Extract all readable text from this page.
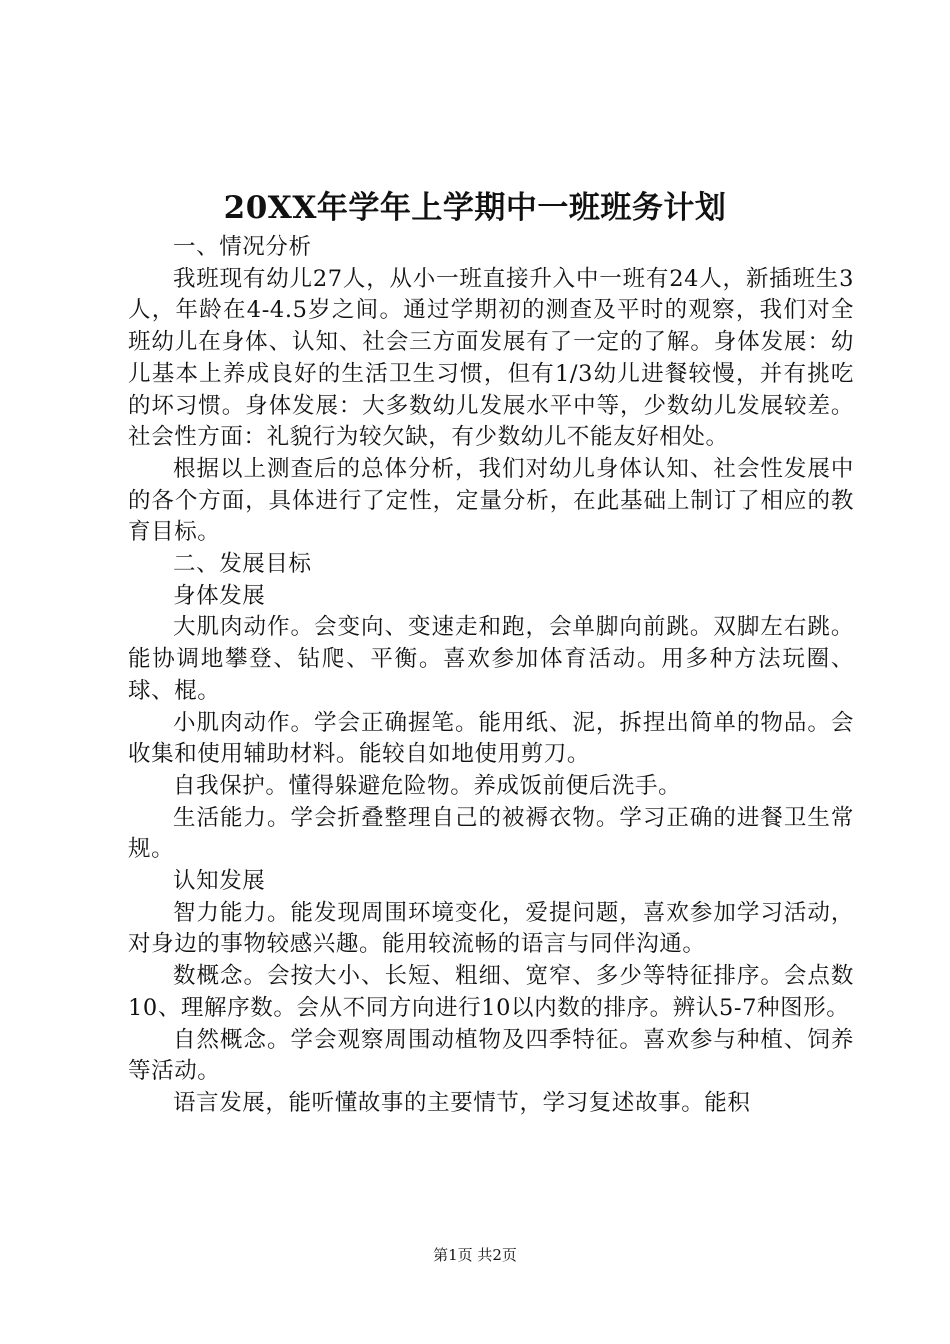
20XX年学年上学期中一班班务计划

一、情况分析

我班现有幼儿27人，从小一班直接升入中一班有24人，新插班生3人，年龄在4-4.5岁之间。通过学期初的测查及平时的观察，我们对全班幼儿在身体、认知、社会三方面发展有了一定的了解。身体发展：幼儿基本上养成良好的生活卫生习惯，但有1/3幼儿进餐较慢，并有挑吃的坏习惯。身体发展：大多数幼儿发展水平中等，少数幼儿发展较差。社会性方面：礼貌行为较欠缺，有少数幼儿不能友好相处。

根据以上测查后的总体分析，我们对幼儿身体认知、社会性发展中的各个方面，具体进行了定性，定量分析，在此基础上制订了相应的教育目标。

二、发展目标

身体发展

大肌肉动作。会变向、变速走和跑，会单脚向前跳。双脚左右跳。能协调地攀登、钻爬、平衡。喜欢参加体育活动。用多种方法玩圈、球、棍。

小肌肉动作。学会正确握笔。能用纸、泥，拆捏出简单的物品。会收集和使用辅助材料。能较自如地使用剪刀。

自我保护。懂得躲避危险物。养成饭前便后洗手。

生活能力。学会折叠整理自己的被褥衣物。学习正确的进餐卫生常规。

认知发展

智力能力。能发现周围环境变化，爱提问题，喜欢参加学习活动，对身边的事物较感兴趣。能用较流畅的语言与同伴沟通。

数概念。会按大小、长短、粗细、宽窄、多少等特征排序。会点数10、理解序数。会从不同方向进行10以内数的排序。辨认5-7种图形。

自然概念。学会观察周围动植物及四季特征。喜欢参与种植、饲养等活动。

语言发展，能听懂故事的主要情节，学习复述故事。能积

第1页 共2页
